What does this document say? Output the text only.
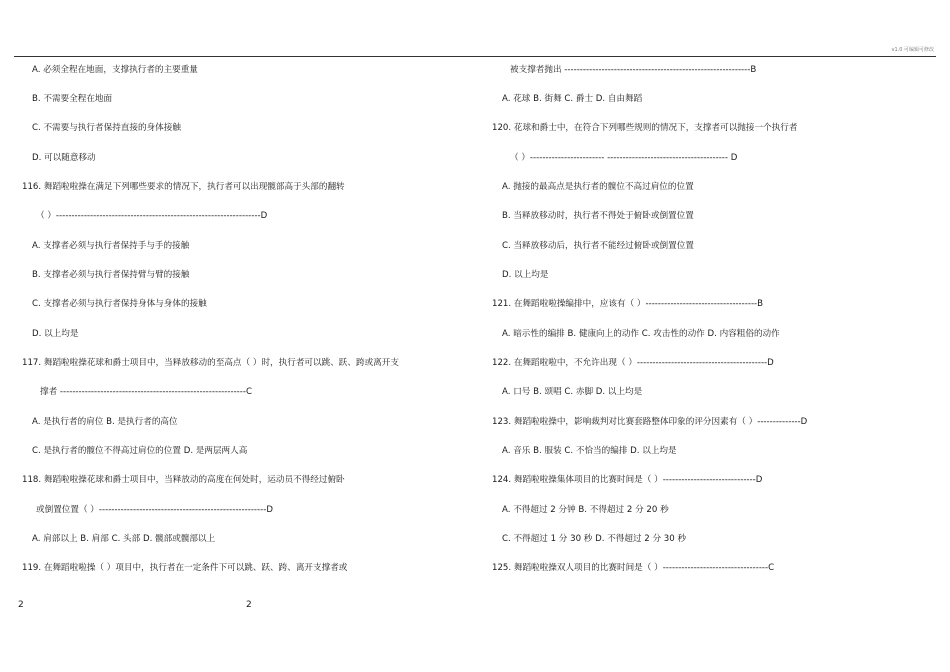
v1.0 可编辑可修改
A. 必须全程在地面，支撑执行者的主要重量
B. 不需要全程在地面
C. 不需要与执行者保持直接的身体接触
D. 可以随意移动
116. 舞蹈啦啦操在满足下列哪些要求的情况下，执行者可以出现髋部高于头部的翻转
（ ）------------------------------------------------------------------D
A. 支撑者必须与执行者保持手与手的接触
B. 支撑者必须与执行者保持臂与臂的接触
C. 支撑者必须与执行者保持身体与身体的接触
D. 以上均是
117. 舞蹈啦啦操花球和爵士项目中，当释放移动的至高点（ ）时，执行者可以跳、跃、跨或离开支
撑者 ------------------------------------------------------------C
A. 是执行者的肩位 B. 是执行者的高位
C. 是执行者的髋位不得高过肩位的位置 D. 是两层两人高
118. 舞蹈啦啦操花球和爵士项目中，当释放动的高度在何处时，运动员不得经过俯卧
或倒置位置（ ）------------------------------------------------------D
A. 肩部以上 B. 肩部 C. 头部 D. 髋部或髋部以上
119. 在舞蹈啦啦操（ ）项目中，执行者在一定条件下可以跳、跃、跨、离开支撑者或
被支撑者抛出 ------------------------------------------------------------B
A. 花球 B. 街舞 C. 爵士 D. 自由舞蹈
120. 花球和爵士中，在符合下列哪些规则的情况下，支撑者可以抛接一个执行者
（ ）------------------------ --------------------------------------- D
A. 抛接的最高点是执行者的髋位不高过肩位的位置
B. 当释放移动时，执行者不得处于俯卧或倒置位置
C. 当释放移动后，执行者不能经过俯卧或倒置位置
D. 以上均是
121. 在舞蹈啦啦操编排中，应该有（ ）------------------------------------B
A. 暗示性的编排 B. 健康向上的动作 C. 攻击性的动作 D. 内容粗俗的动作
122. 在舞蹈啦啦中，不允许出现（ ）------------------------------------------D
A. 口号 B. 颂唱 C. 赤脚 D. 以上均是
123. 舞蹈啦啦操中，影响裁判对比赛套路整体印象的评分因素有（ ）--------------D
A. 音乐 B. 服装 C. 不恰当的编排 D. 以上均是
124. 舞蹈啦啦操集体项目的比赛时间是（ ）------------------------------D
A. 不得超过 2 分钟 B. 不得超过 2 分 20 秒
C. 不得超过 1 分 30 秒 D. 不得超过 2 分 30 秒
125. 舞蹈啦啦操双人项目的比赛时间是（ ）----------------------------------C
2	2
